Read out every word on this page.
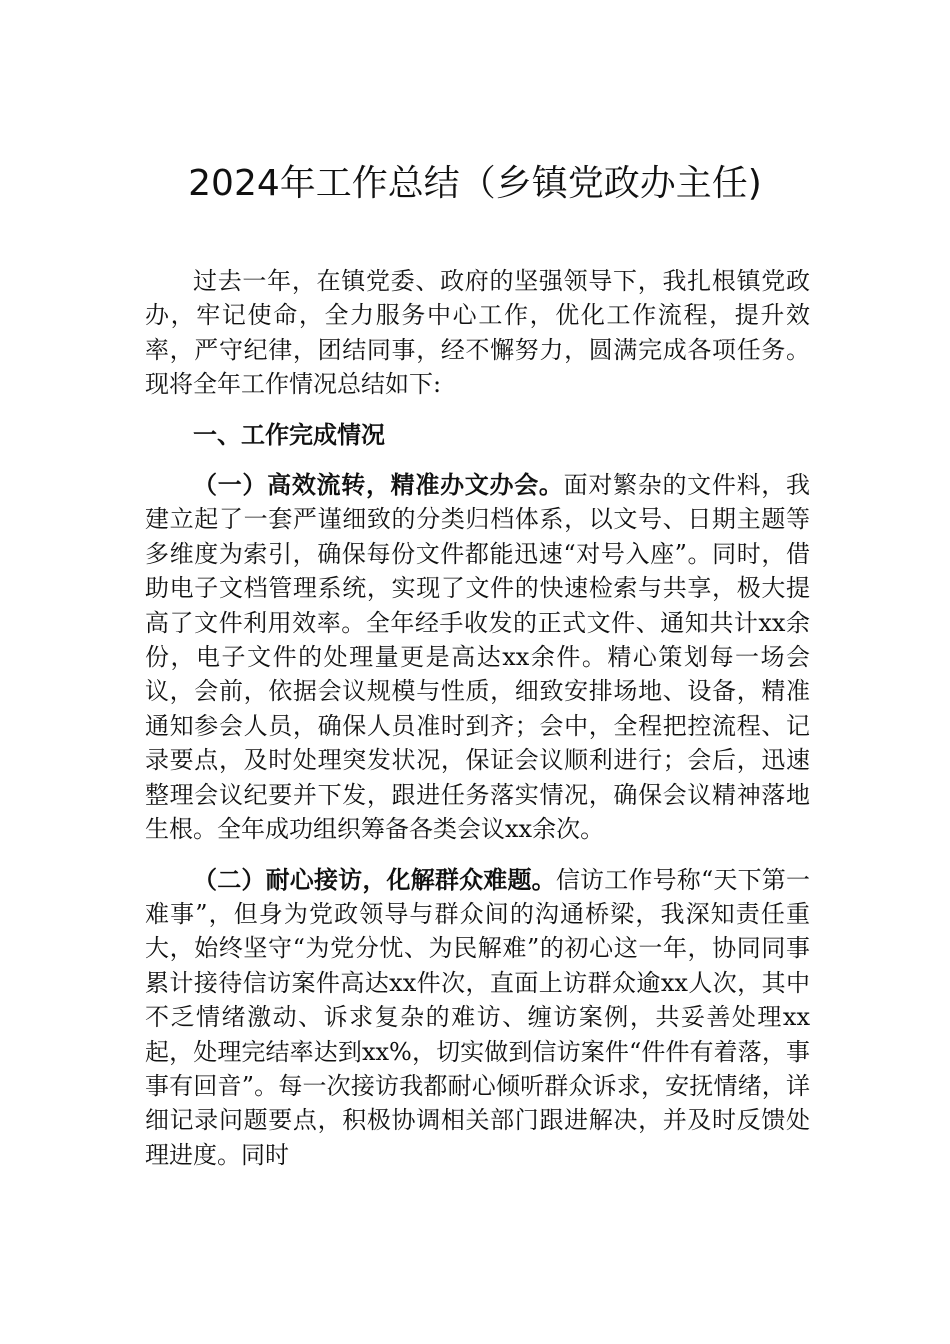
2024年工作总结（乡镇党政办主任)

过去一年，在镇党委、政府的坚强领导下，我扎根镇党政办，牢记使命，全力服务中心工作，优化工作流程，提升效率，严守纪律，团结同事，经不懈努力，圆满完成各项任务。现将全年工作情况总结如下:

一、工作完成情况

（一）高效流转，精准办文办会。面对繁杂的文件料，我建立起了一套严谨细致的分类归档体系，以文号、日期主题等多维度为索引，确保每份文件都能迅速“对号入座”。同时，借助电子文档管理系统，实现了文件的快速检索与共享，极大提高了文件利用效率。全年经手收发的正式文件、通知共计xx余份，电子文件的处理量更是高达xx余件。精心策划每一场会议，会前，依据会议规模与性质，细致安排场地、设备，精准通知参会人员，确保人员准时到齐；会中，全程把控流程、记录要点，及时处理突发状况，保证会议顺利进行；会后，迅速整理会议纪要并下发，跟进任务落实情况，确保会议精神落地生根。全年成功组织筹备各类会议xx余次。

（二）耐心接访，化解群众难题。信访工作号称“天下第一难事”，但身为党政领导与群众间的沟通桥梁，我深知责任重大，始终坚守“为党分忧、为民解难”的初心这一年，协同同事累计接待信访案件高达xx件次，直面上访群众逾xx人次，其中不乏情绪激动、诉求复杂的难访、缠访案例，共妥善处理xx起，处理完结率达到xx%，切实做到信访案件“件件有着落，事事有回音”。每一次接访我都耐心倾听群众诉求，安抚情绪，详细记录问题要点，积极协调相关部门跟进解决，并及时反馈处理进度。同时
